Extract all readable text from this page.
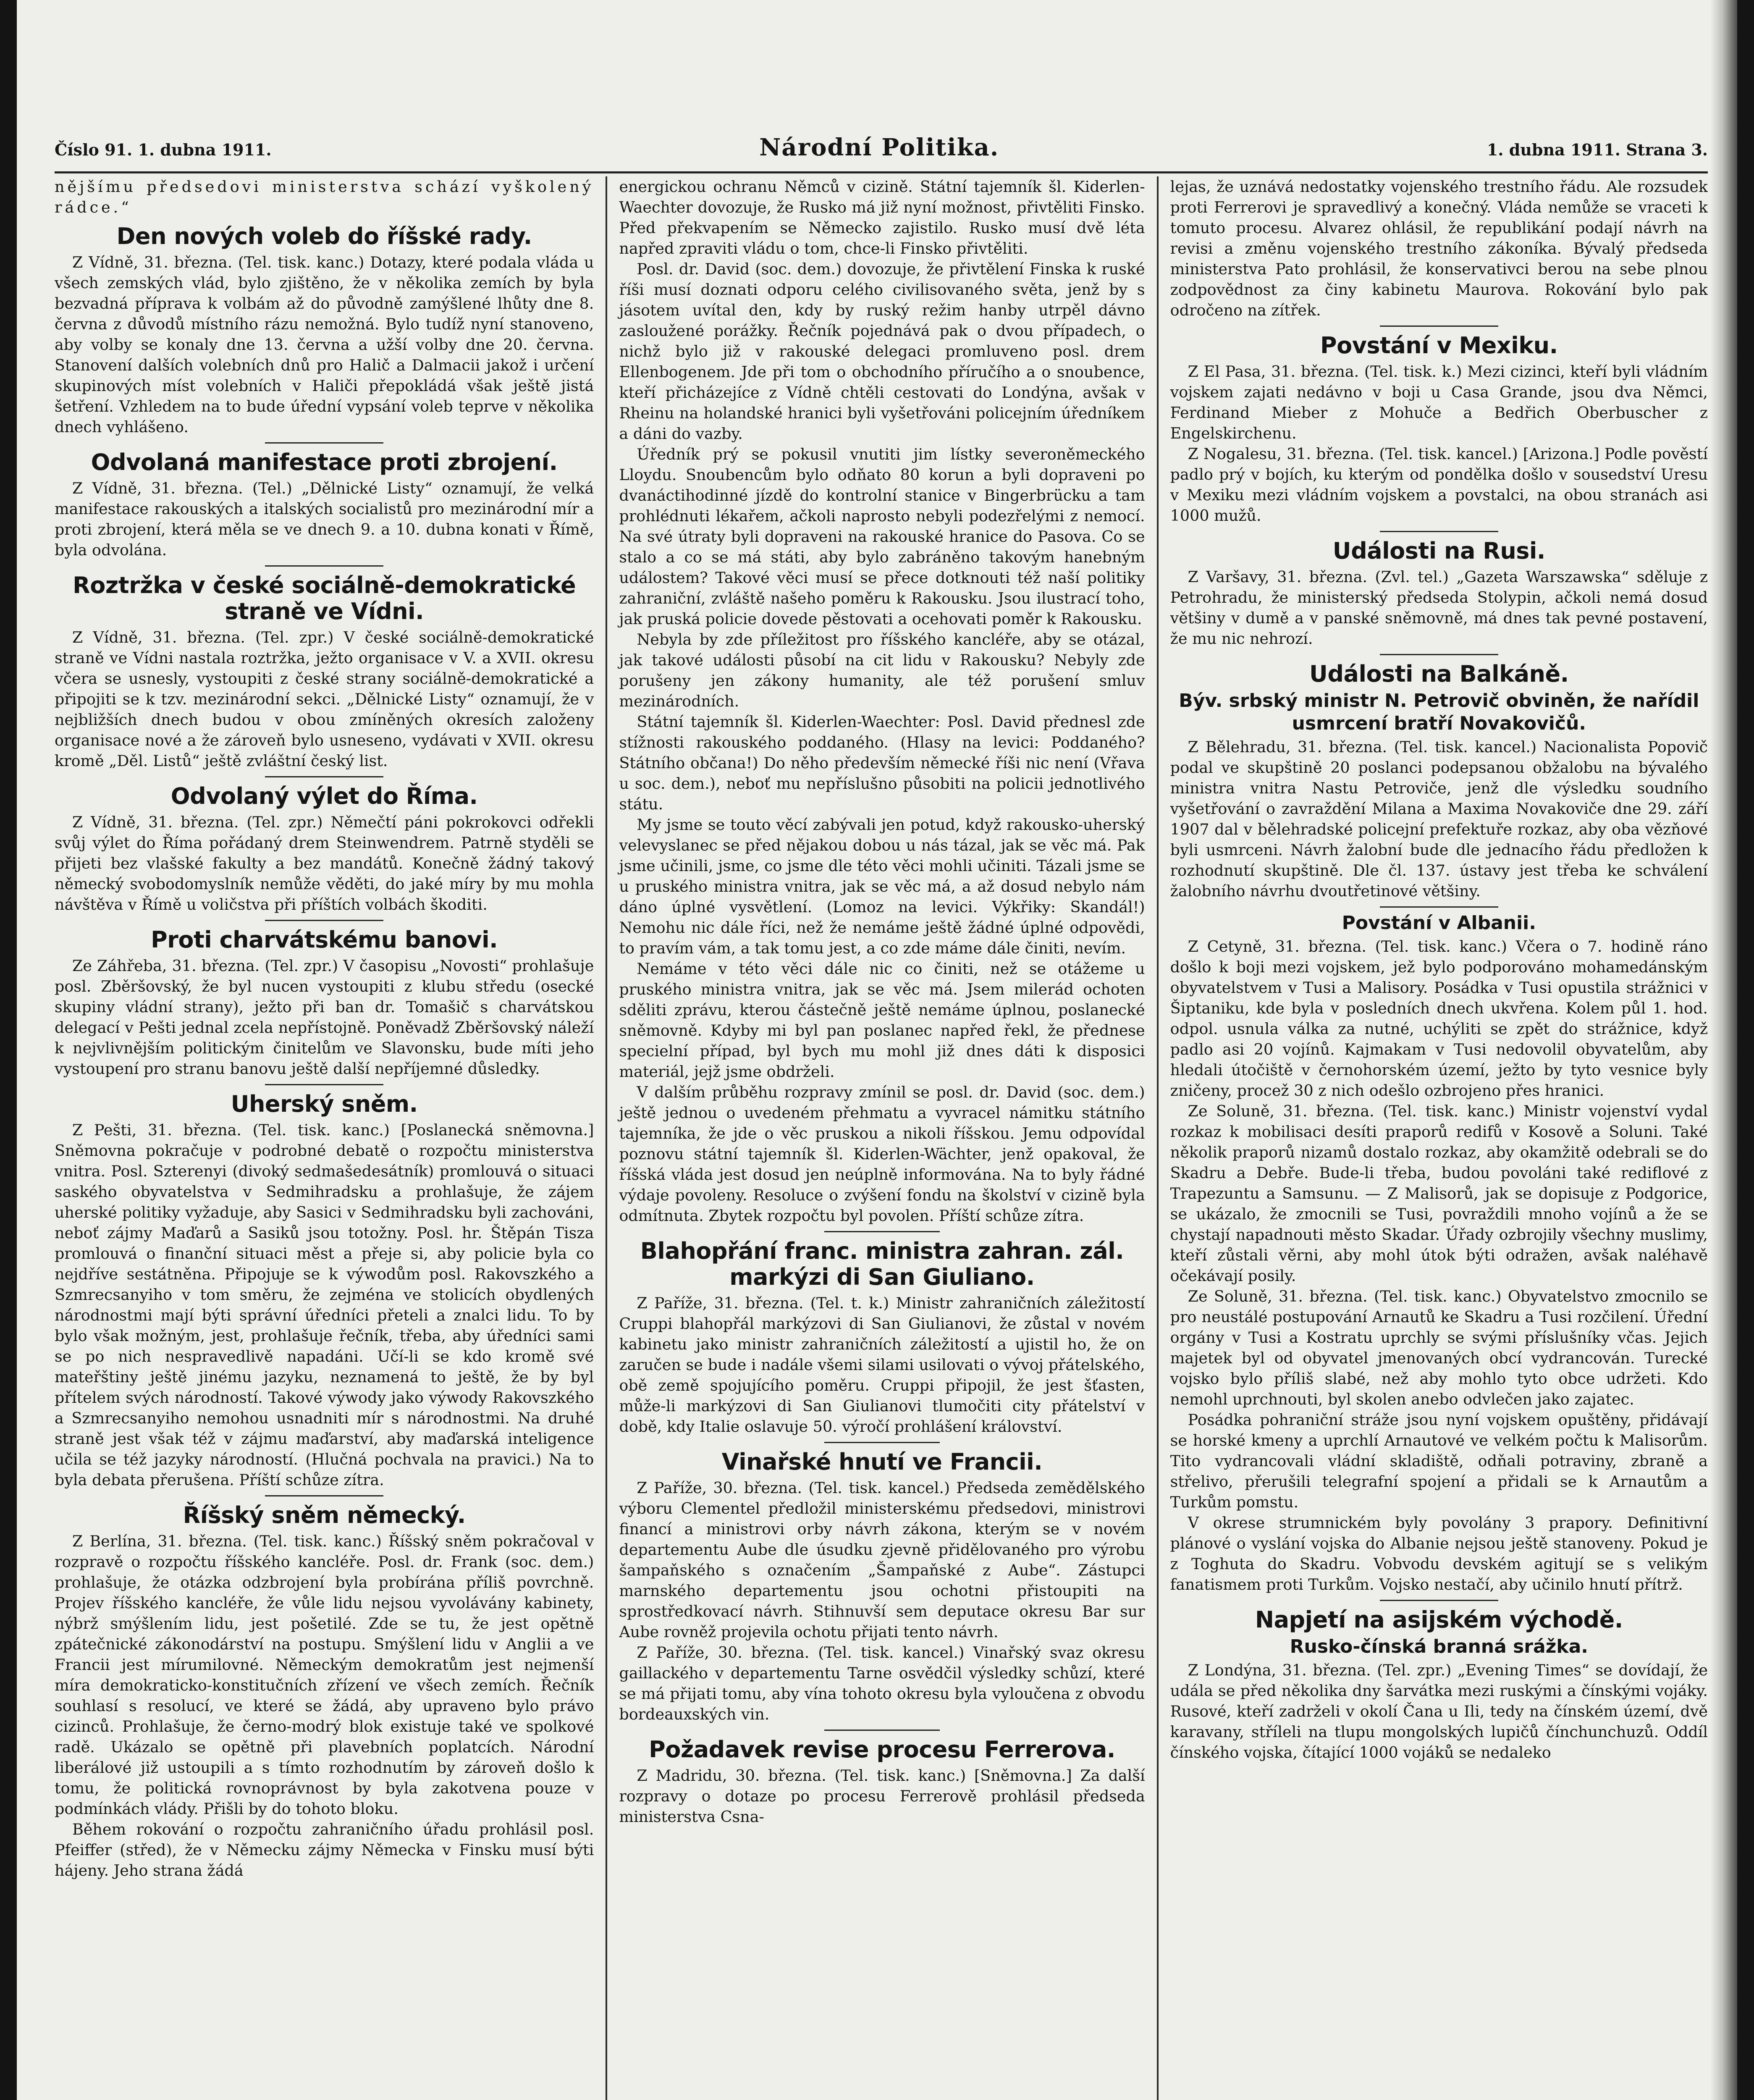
Číslo 91. 1. dubna 1911.	Národní Politika.	1. dubna 1911. Strana 3.

nějšímu předsedovi ministerstva schází vyškolený rádce.“

Den nových voleb do říšské rady.

Z Vídně, 31. března. (Tel. tisk. kanc.) Dotazy, které podala vláda u všech zemských vlád, bylo zjištěno, že v několika zemích by byla bezvadná příprava k volbám až do původně zamýšlené lhůty dne 8. června z důvodů místního rázu nemožná. Bylo tudíž nyní stanoveno, aby volby se konaly dne 13. června a užší volby dne 20. června. Stanovení dalších volebních dnů pro Halič a Dalmacii jakož i určení skupinových míst volebních v Haliči přepokládá však ještě jistá šetření. Vzhledem na to bude úřední vypsání voleb teprve v několika dnech vyhlášeno.

Odvolaná manifestace proti zbrojení.

Z Vídně, 31. března. (Tel.) „Dělnické Listy“ oznamují, že velká manifestace rakouských a italských socialistů pro mezinárodní mír a proti zbrojení, která měla se ve dnech 9. a 10. dubna konati v Římě, byla odvolána.

Roztržka v české sociálně-demokratické straně ve Vídni.

Z Vídně, 31. března. (Tel. zpr.) V české sociálně-demokratické straně ve Vídni nastala roztržka, ježto organisace v V. a XVII. okresu včera se usnesly, vystoupiti z české strany sociálně-demokratické a připojiti se k tzv. mezinárodní sekci. „Dělnické Listy“ oznamují, že v nejbližších dnech budou v obou zmíněných okresích založeny organisace nové a že zároveň bylo usneseno, vydávati v XVII. okresu kromě „Děl. Listů“ ještě zvláštní český list.

Odvolaný výlet do Říma.

Z Vídně, 31. března. (Tel. zpr.) Němečtí páni pokrokovci odřekli svůj výlet do Říma pořádaný drem Steinwendrem. Patrně styděli se přijeti bez vlašské fakulty a bez mandátů. Konečně žádný takový německý svobodomyslník nemůže věděti, do jaké míry by mu mohla návštěva v Římě u voličstva při příštích volbách škoditi.

Proti charvátskému banovi.

Ze Záhřeba, 31. března. (Tel. zpr.) V časopisu „Novosti“ prohlašuje posl. Zběršovský, že byl nucen vystoupiti z klubu středu (osecké skupiny vládní strany), ježto při ban dr. Tomašič s charvátskou delegací v Pešti jednal zcela nepřístojně. Poněvadž Zběršovský náleží k nejvlivnějším politickým činitelům ve Slavonsku, bude míti jeho vystoupení pro stranu banovu ještě další nepříjemné důsledky.

Uherský sněm.

Z Pešti, 31. března. (Tel. tisk. kanc.) [Poslanecká sněmovna.] Sněmovna pokračuje v podrobné debatě o rozpočtu ministerstva vnitra. Posl. Szterenyi (divoký sedmašedesátník) promlouvá o situaci saského obyvatelstva v Sedmihradsku a prohlašuje, že zájem uherské politiky vyžaduje, aby Sasici v Sedmihradsku byli zachováni, neboť zájmy Maďarů a Sasiků jsou totožny. Posl. hr. Štěpán Tisza promlouvá o finanční situaci měst a přeje si, aby policie byla co nejdříve sestátněna. Připojuje se k výwodům posl. Rakovszkého a Szmrecsanyiho v tom směru, že zejména ve stolicích obydlených národnostmi mají býti správní úředníci přeteli a znalci lidu. To by bylo však možným, jest, prohlašuje řečník, třeba, aby úředníci sami se po nich nespravedlivě napadáni. Učí-li se kdo kromě své mateřštiny ještě jinému jazyku, neznamená to ještě, že by byl přítelem svých národností. Takové výwody jako výwody Rakovszkého a Szmrecsanyiho nemohou usnadniti mír s národnostmi. Na druhé straně jest však též v zájmu maďarství, aby maďarská inteligence učila se též jazyky národností. (Hlučná pochvala na pravici.) Na to byla debata přerušena. Příští schůze zítra.

Říšský sněm německý.

Z Berlína, 31. března. (Tel. tisk. kanc.) Říšský sněm pokračoval v rozpravě o rozpočtu říšského kancléře. Posl. dr. Frank (soc. dem.) prohlašuje, že otázka odzbrojení byla probírána příliš povrchně. Projev říšského kancléře, že vůle lidu nejsou vyvolávány kabinety, nýbrž smýšlením lidu, jest pošetilé. Zde se tu, že jest opětně zpátečnické zákonodárství na postupu. Smýšlení lidu v Anglii a ve Francii jest mírumilovné. Německým demokratům jest nejmenší míra demokraticko-konstitučních zřízení ve všech zemích. Řečník souhlasí s resolucí, ve které se žádá, aby upraveno bylo právo cizinců. Prohlašuje, že černo-modrý blok existuje také ve spolkové radě. Ukázalo se opětně při plavebních poplatcích. Národní liberálové již ustoupili a s tímto rozhodnutím by zároveň došlo k tomu, že politická rovnoprávnost by byla zakotvena pouze v podmínkách vlády. Přišli by do tohoto bloku.

Během rokování o rozpočtu zahraničního úřadu prohlásil posl. Pfeiffer (střed), že v Německu zájmy Německa v Finsku musí býti hájeny. Jeho strana žádá

energickou ochranu Němců v cizině. Státní tajemník šl. Kiderlen-Waechter dovozuje, že Rusko má již nyní možnost, přivtěliti Finsko. Před překvapením se Německo zajistilo. Rusko musí dvě léta napřed zpraviti vládu o tom, chce-li Finsko přivtěliti.

Posl. dr. David (soc. dem.) dovozuje, že přivtělení Finska k ruské říši musí doznati odporu celého civilisovaného světa, jenž by s jásotem uvítal den, kdy by ruský režim hanby utrpěl dávno zasloužené porážky. Řečník pojednává pak o dvou případech, o nichž bylo již v rakouské delegaci promluveno posl. drem Ellenbogenem. Jde při tom o obchodního příručího a o snoubence, kteří přicházejíce z Vídně chtěli cestovati do Londýna, avšak v Rheinu na holandské hranici byli vyšetřováni policejním úředníkem a dáni do vazby.

Úředník prý se pokusil vnutiti jim lístky severoněmeckého Lloydu. Snoubencům bylo odňato 80 korun a byli dopraveni po dvanáctihodinné jízdě do kontrolní stanice v Bingerbrücku a tam prohlédnuti lékařem, ačkoli naprosto nebyli podezřelými z nemocí. Na své útraty byli dopraveni na rakouské hranice do Pasova. Co se stalo a co se má státi, aby bylo zabráněno takovým hanebným událostem? Takové věci musí se přece dotknouti též naší politiky zahraniční, zvláště našeho poměru k Rakousku. Jsou ilustrací toho, jak pruská policie dovede pěstovati a ocehovati poměr k Rakousku.

Nebyla by zde příležitost pro říšského kancléře, aby se otázal, jak takové události působí na cit lidu v Rakousku? Nebyly zde porušeny jen zákony humanity, ale též porušení smluv mezinárodních.

Státní tajemník šl. Kiderlen-Waechter: Posl. David přednesl zde stížnosti rakouského poddaného. (Hlasy na levici: Poddaného? Státního občana!) Do něho především německé říši nic není (Vřava u soc. dem.), neboť mu nepříslušno působiti na policii jednotlivého státu.

My jsme se touto věcí zabývali jen potud, když rakousko-uherský velevyslanec se před nějakou dobou u nás tázal, jak se věc má. Pak jsme učinili, jsme, co jsme dle této věci mohli učiniti. Tázali jsme se u pruského ministra vnitra, jak se věc má, a až dosud nebylo nám dáno úplné vysvětlení. (Lomoz na levici. Výkřiky: Skandál!) Nemohu nic dále říci, než že nemáme ještě žádné úplné odpovědi, to pravím vám, a tak tomu jest, a co zde máme dále činiti, nevím.

Nemáme v této věci dále nic co činiti, než se otážeme u pruského ministra vnitra, jak se věc má. Jsem milerád ochoten sděliti zprávu, kterou částečně ještě nemáme úplnou, poslanecké sněmovně. Kdyby mi byl pan poslanec napřed řekl, že přednese specielní případ, byl bych mu mohl již dnes dáti k disposici materiál, jejž jsme obdrželi.

V dalším průběhu rozpravy zmínil se posl. dr. David (soc. dem.) ještě jednou o uvedeném přehmatu a vyvracel námitku státního tajemníka, že jde o věc pruskou a nikoli říšskou. Jemu odpovídal poznovu státní tajemník šl. Kiderlen-Wächter, jenž opakoval, že říšská vláda jest dosud jen neúplně informována. Na to byly řádné výdaje povoleny. Resoluce o zvýšení fondu na školství v cizině byla odmítnuta. Zbytek rozpočtu byl povolen. Příští schůze zítra.

Blahopřání franc. ministra zahran. zál. markýzi di San Giuliano.

Z Paříže, 31. března. (Tel. t. k.) Ministr zahraničních záležitostí Cruppi blahopřál markýzovi di San Giulianovi, že zůstal v novém kabinetu jako ministr zahraničních záležitostí a ujistil ho, že on zaručen se bude i nadále všemi silami usilovati o vývoj přátelského, obě země spojujícího poměru. Cruppi připojil, že jest šťasten, může-li markýzovi di San Giulianovi tlumočiti city přátelství v době, kdy Italie oslavuje 50. výročí prohlášení království.

Vinařské hnutí ve Francii.

Z Paříže, 30. března. (Tel. tisk. kancel.) Předseda zemědělského výboru Clementel předložil ministerskému předsedovi, ministrovi financí a ministrovi orby návrh zákona, kterým se v novém departementu Aube dle úsudku zjevně přidělovaného pro výrobu šampaňského s označením „Šampaňské z Aube“. Zástupci marnského departementu jsou ochotni přistoupiti na sprostředkovací návrh. Stihnuvší sem deputace okresu Bar sur Aube rovněž projevila ochotu přijati tento návrh.

Z Paříže, 30. března. (Tel. tisk. kancel.) Vinařský svaz okresu gaillackého v departementu Tarne osvědčil výsledky schůzí, které se má přijati tomu, aby vína tohoto okresu byla vyloučena z obvodu bordeauxských vin.

Požadavek revise procesu Ferrerova.

Z Madridu, 30. března. (Tel. tisk. kanc.) [Sněmovna.] Za další rozpravy o dotaze po procesu Ferrerově prohlásil předseda ministerstva Csna-

lejas, že uznává nedostatky vojenského trestního řádu. Ale rozsudek proti Ferrerovi je spravedlivý a konečný. Vláda nemůže se vraceti k tomuto procesu. Alvarez ohlásil, že republikání podají návrh na revisi a změnu vojenského trestního zákoníka. Bývalý předseda ministerstva Pato prohlásil, že konservativci berou na sebe plnou zodpovědnost za činy kabinetu Maurova. Rokování bylo pak odročeno na zítřek.

Povstání v Mexiku.

Z El Pasa, 31. března. (Tel. tisk. k.) Mezi cizinci, kteří byli vládním vojskem zajati nedávno v boji u Casa Grande, jsou dva Němci, Ferdinand Mieber z Mohuče a Bedřich Oberbuscher z Engelskirchenu.

Z Nogalesu, 31. března. (Tel. tisk. kancel.) [Arizona.] Podle pověstí padlo prý v bojích, ku kterým od pondělka došlo v sousedství Uresu v Mexiku mezi vládním vojskem a povstalci, na obou stranách asi 1000 mužů.

Události na Rusi.

Z Varšavy, 31. března. (Zvl. tel.) „Gazeta Warszawska“ sděluje z Petrohradu, že ministerský předseda Stolypin, ačkoli nemá dosud většiny v dumě a v panské sněmovně, má dnes tak pevné postavení, že mu nic nehrozí.

Události na Balkáně.
Býv. srbský ministr N. Petrovič obviněn, že nařídil usmrcení bratří Novakovičů.

Z Bělehradu, 31. března. (Tel. tisk. kancel.) Nacionalista Popovič podal ve skupštině 20 poslanci podepsanou obžalobu na bývalého ministra vnitra Nastu Petroviče, jenž dle výsledku soudního vyšetřování o zavraždění Milana a Maxima Novakoviče dne 29. září 1907 dal v bělehradské policejní prefektuře rozkaz, aby oba vězňové byli usmrceni. Návrh žalobní bude dle jednacího řádu předložen k rozhodnutí skupštině. Dle čl. 137. ústavy jest třeba ke schválení žalobního návrhu dvoutřetinové většiny.

Povstání v Albanii.

Z Cetyně, 31. března. (Tel. tisk. kanc.) Včera o 7. hodině ráno došlo k boji mezi vojskem, jež bylo podporováno mohamedánským obyvatelstvem v Tusi a Malisory. Posádka v Tusi opustila strážnici v Šiptaniku, kde byla v posledních dnech ukvřena. Kolem půl 1. hod. odpol. usnula válka za nutné, uchýliti se zpět do strážnice, když padlo asi 20 vojínů. Kajmakam v Tusi nedovolil obyvatelům, aby hledali útočiště v černohorském území, ježto by tyto vesnice byly zničeny, procež 30 z nich odešlo ozbrojeno přes hranici.

Ze Soluně, 31. března. (Tel. tisk. kanc.) Ministr vojenství vydal rozkaz k mobilisaci desíti praporů redifů v Kosově a Soluni. Také několik praporů nizamů dostalo rozkaz, aby okamžitě odebrali se do Skadru a Debře. Bude-li třeba, budou povoláni také rediflové z Trapezuntu a Samsunu. — Z Malisorů, jak se dopisuje z Podgorice, se ukázalo, že zmocnili se Tusi, povraždili mnoho vojínů a že se chystají napadnouti město Skadar. Úřady ozbrojily všechny muslimy, kteří zůstali věrni, aby mohl útok býti odražen, avšak naléhavě očekávají posily.

Ze Soluně, 31. března. (Tel. tisk. kanc.) Obyvatelstvo zmocnilo se pro neustálé postupování Arnautů ke Skadru a Tusi rozčilení. Úřední orgány v Tusi a Kostratu uprchly se svými příslušníky včas. Jejich majetek byl od obyvatel jmenovaných obcí vydrancován. Turecké vojsko bylo příliš slabé, než aby mohlo tyto obce udržeti. Kdo nemohl uprchnouti, byl skolen anebo odvlečen jako zajatec.

Posádka pohraniční stráže jsou nyní vojskem opuštěny, přidávají se horské kmeny a uprchlí Arnautové ve velkém počtu k Malisorům. Tito vydrancovali vládní skladiště, odňali potraviny, zbraně a střelivo, přerušili telegrafní spojení a přidali se k Arnautům a Turkům pomstu.

V okrese strumnickém byly povolány 3 prapory. Definitivní plánové o vyslání vojska do Albanie nejsou ještě stanoveny. Pokud je z Toghuta do Skadru. Vobvodu devském agitují se s velikým fanatismem proti Turkům. Vojsko nestačí, aby učinilo hnutí přítrž.

Napjetí na asijském východě.
Rusko-čínská branná srážka.

Z Londýna, 31. března. (Tel. zpr.) „Evening Times“ se dovídají, že udála se před několika dny šarvátka mezi ruskými a čínskými vojáky. Rusové, kteří zadrželi v okolí Čana u Ili, tedy na čínském území, dvě karavany, stříleli na tlupu mongolských lupičů čínchunchuzů. Oddíl čínského vojska, čítající 1000 vojáků se nedaleko
